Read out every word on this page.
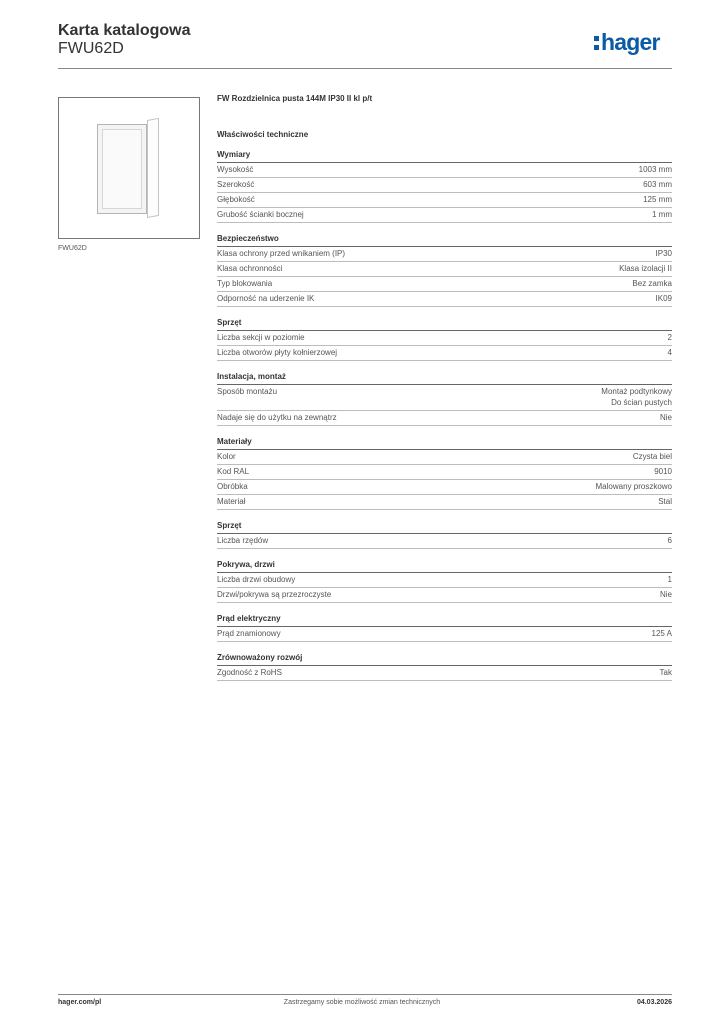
Karta katalogowa
FWU62D	hager
FWU62D
FW Rozdzielnica pusta 144M IP30 II kl p/t
Właściwości techniczne
Wymiary
Wysokość	1003 mm
Szerokość	603 mm
Głębokość	125 mm
Grubość ścianki bocznej	1 mm
Bezpieczeństwo
Klasa ochrony przed wnikaniem (IP)	IP30
Klasa ochronności	Klasa izolacji II
Typ blokowania	Bez zamka
Odporność na uderzenie IK	IK09
Sprzęt
Liczba sekcji w poziomie	2
Liczba otworów płyty kołnierzowej	4
Instalacja, montaż
Sposób montażu	Montaż podtynkowy
Do ścian pustych
Nadaje się do użytku na zewnątrz	Nie
Materiały
Kolor	Czysta biel
Kod RAL	9010
Obróbka	Malowany proszkowo
Materiał	Stal
Sprzęt
Liczba rzędów	6
Pokrywa, drzwi
Liczba drzwi obudowy	1
Drzwi/pokrywa są przezroczyste	Nie
Prąd elektryczny
Prąd znamionowy	125 A
Zrównoważony rozwój
Zgodność z RoHS	Tak
hager.com/pl	Zastrzegamy sobie możliwość zmian technicznych	04.03.2026
